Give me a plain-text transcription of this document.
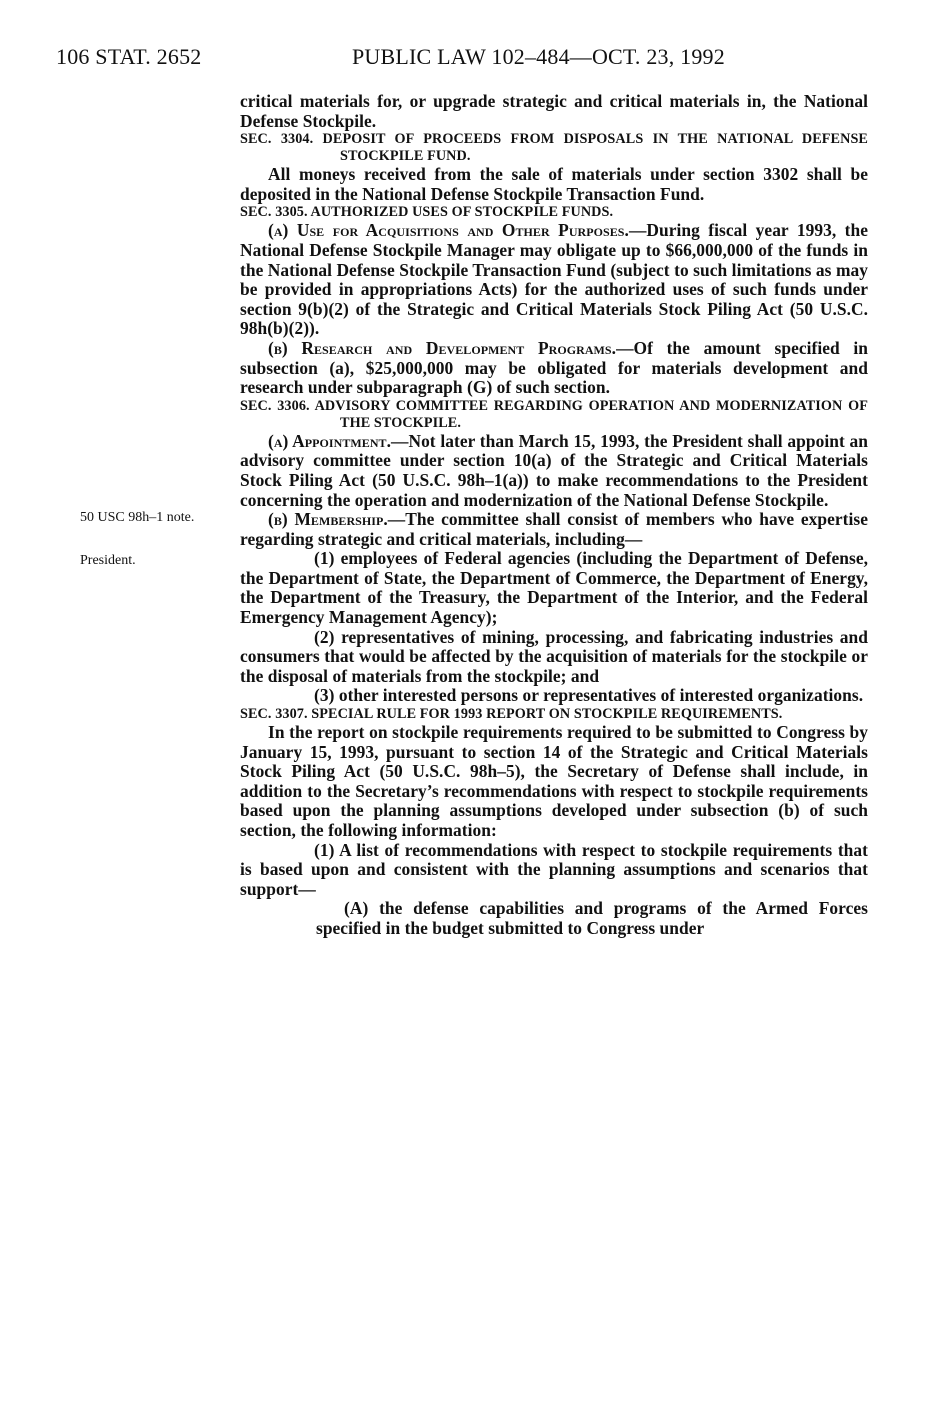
106 STAT. 2652	PUBLIC LAW 102–484—OCT. 23, 1992
50 USC 98h–1 note.
President.

critical materials for, or upgrade strategic and critical materials in, the National Defense Stockpile.

SEC. 3304. DEPOSIT OF PROCEEDS FROM DISPOSALS IN THE NATIONAL DEFENSE STOCKPILE FUND.

All moneys received from the sale of materials under section 3302 shall be deposited in the National Defense Stockpile Transaction Fund.

SEC. 3305. AUTHORIZED USES OF STOCKPILE FUNDS.

(a) Use for Acquisitions and Other Purposes.—During fiscal year 1993, the National Defense Stockpile Manager may obligate up to $66,000,000 of the funds in the National Defense Stockpile Transaction Fund (subject to such limitations as may be provided in appropriations Acts) for the authorized uses of such funds under section 9(b)(2) of the Strategic and Critical Materials Stock Piling Act (50 U.S.C. 98h(b)(2)).

(b) Research and Development Programs.—Of the amount specified in subsection (a), $25,000,000 may be obligated for materials development and research under subparagraph (G) of such section.

SEC. 3306. ADVISORY COMMITTEE REGARDING OPERATION AND MODERNIZATION OF THE STOCKPILE.

(a) Appointment.—Not later than March 15, 1993, the President shall appoint an advisory committee under section 10(a) of the Strategic and Critical Materials Stock Piling Act (50 U.S.C. 98h–1(a)) to make recommendations to the President concerning the operation and modernization of the National Defense Stockpile.

(b) Membership.—The committee shall consist of members who have expertise regarding strategic and critical materials, including—

(1) employees of Federal agencies (including the Department of Defense, the Department of State, the Department of Commerce, the Department of Energy, the Department of the Treasury, the Department of the Interior, and the Federal Emergency Management Agency);

(2) representatives of mining, processing, and fabricating industries and consumers that would be affected by the acquisition of materials for the stockpile or the disposal of materials from the stockpile; and

(3) other interested persons or representatives of interested organizations.

SEC. 3307. SPECIAL RULE FOR 1993 REPORT ON STOCKPILE REQUIREMENTS.

In the report on stockpile requirements required to be submitted to Congress by January 15, 1993, pursuant to section 14 of the Strategic and Critical Materials Stock Piling Act (50 U.S.C. 98h–5), the Secretary of Defense shall include, in addition to the Secretary’s recommendations with respect to stockpile requirements based upon the planning assumptions developed under subsection (b) of such section, the following information:

(1) A list of recommendations with respect to stockpile requirements that is based upon and consistent with the planning assumptions and scenarios that support—

(A) the defense capabilities and programs of the Armed Forces specified in the budget submitted to Congress under
